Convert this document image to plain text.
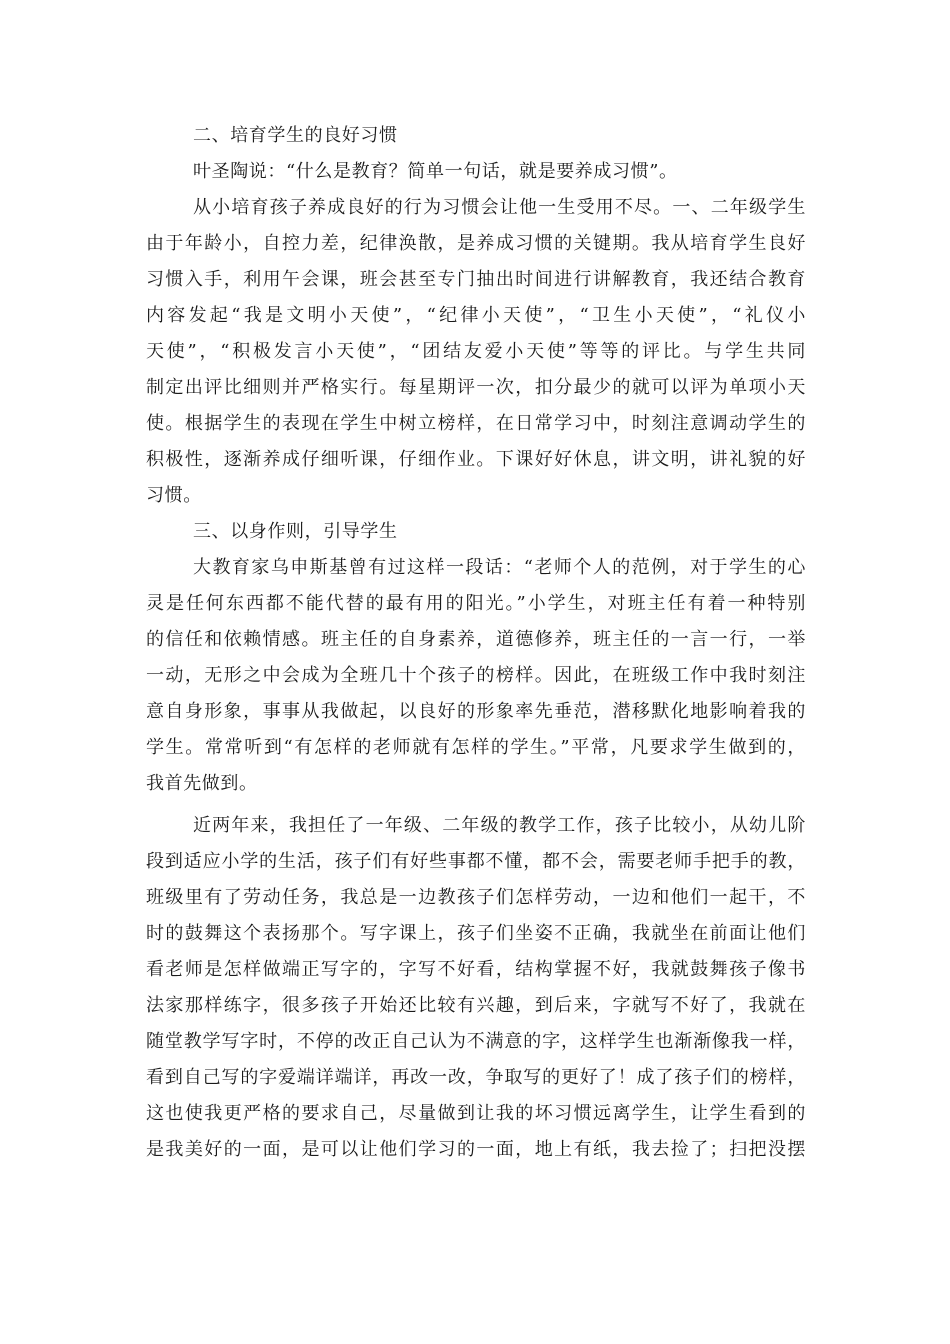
二、培育学生的良好习惯
叶圣陶说：“什么是教育？简单一句话，就是要养成习惯”。
从小培育孩子养成良好的行为习惯会让他一生受用不尽。一、二年级学生
由于年龄小，自控力差，纪律涣散，是养成习惯的关键期。我从培育学生良好
习惯入手，利用午会课，班会甚至专门抽出时间进行讲解教育，我还结合教育
内容发起“我是文明小天使”，“纪律小天使”，“卫生小天使”，“礼仪小
天使”，“积极发言小天使”，“团结友爱小天使”等等的评比。与学生共同
制定出评比细则并严格实行。每星期评一次，扣分最少的就可以评为单项小天
使。根据学生的表现在学生中树立榜样，在日常学习中，时刻注意调动学生的
积极性，逐渐养成仔细听课，仔细作业。下课好好休息，讲文明，讲礼貌的好
习惯。
三、以身作则，引导学生
大教育家乌申斯基曾有过这样一段话：“老师个人的范例，对于学生的心
灵是任何东西都不能代替的最有用的阳光。”小学生，对班主任有着一种特别
的信任和依赖情感。班主任的自身素养，道德修养，班主任的一言一行，一举
一动，无形之中会成为全班几十个孩子的榜样。因此，在班级工作中我时刻注
意自身形象，事事从我做起，以良好的形象率先垂范，潜移默化地影响着我的
学生。常常听到“有怎样的老师就有怎样的学生。”平常，凡要求学生做到的，
我首先做到。
近两年来，我担任了一年级、二年级的教学工作，孩子比较小，从幼儿阶
段到适应小学的生活，孩子们有好些事都不懂，都不会，需要老师手把手的教，
班级里有了劳动任务，我总是一边教孩子们怎样劳动，一边和他们一起干，不
时的鼓舞这个表扬那个。写字课上，孩子们坐姿不正确，我就坐在前面让他们
看老师是怎样做端正写字的，字写不好看，结构掌握不好，我就鼓舞孩子像书
法家那样练字，很多孩子开始还比较有兴趣，到后来，字就写不好了，我就在
随堂教学写字时，不停的改正自己认为不满意的字，这样学生也渐渐像我一样，
看到自己写的字爱端详端详，再改一改，争取写的更好了！成了孩子们的榜样，
这也使我更严格的要求自己，尽量做到让我的坏习惯远离学生，让学生看到的
是我美好的一面，是可以让他们学习的一面，地上有纸，我去捡了；扫把没摆
